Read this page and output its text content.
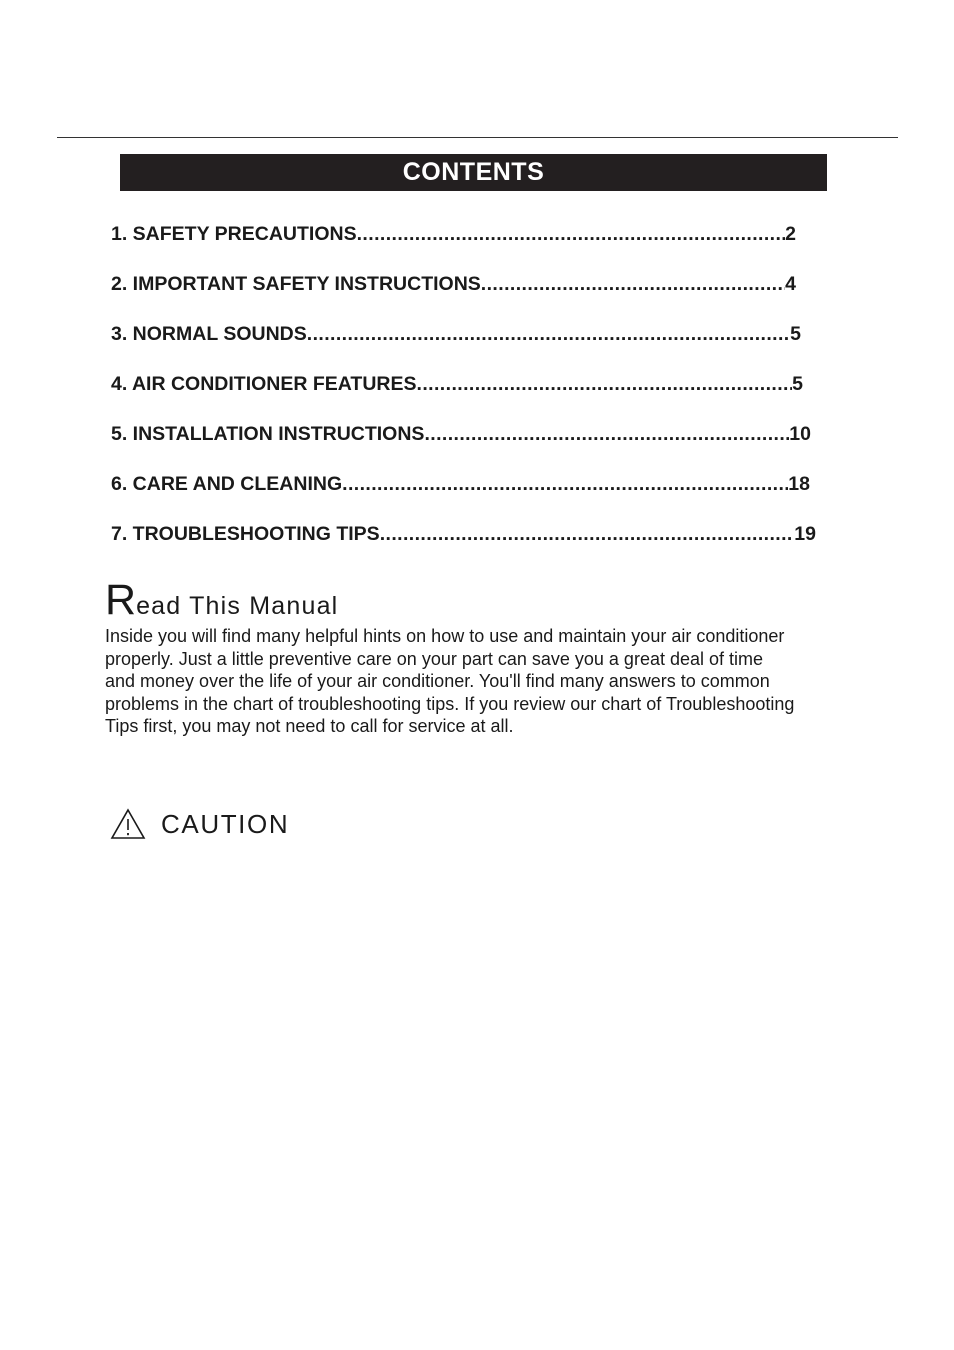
CONTENTS
1. SAFETY PRECAUTIONS .....	2
2. IMPORTANT SAFETY INSTRUCTIONS .....	4
3. NORMAL SOUNDS .....	5
4. AIR CONDITIONER FEATURES .....	5
5. INSTALLATION INSTRUCTIONS .....	10
6. CARE AND CLEANING .....	18
7. TROUBLESHOOTING TIPS .....	19
Read This Manual
Inside you will find many helpful hints on how to use and maintain your air conditioner
properly. Just a little preventive care on your part can save you a great deal of time
and money over the life of your air conditioner. You'll find many answers to common
problems in the chart of troubleshooting tips. If you review our chart of Troubleshooting
Tips first, you may not need to call for service at all.
CAUTION
